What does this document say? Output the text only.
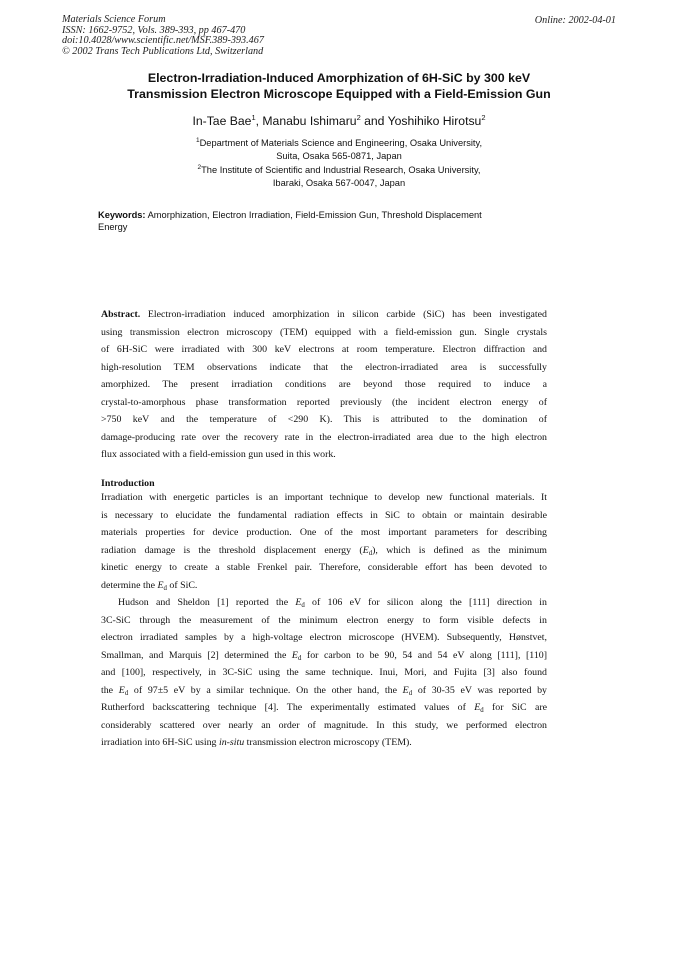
Materials Science Forum
ISSN: 1662-9752, Vols. 389-393, pp 467-470
doi:10.4028/www.scientific.net/MSF.389-393.467
© 2002 Trans Tech Publications Ltd, Switzerland
Online: 2002-04-01
Electron-Irradiation-Induced Amorphization of 6H-SiC by 300 keV
Transmission Electron Microscope Equipped with a Field-Emission Gun
In-Tae Bae$^1$, Manabu Ishimaru$^2$ and Yoshihiko Hirotsu$^2$
$^1$Department of Materials Science and Engineering, Osaka University,
Suita, Osaka 565-0871, Japan
$^2$The Institute of Scientific and Industrial Research, Osaka University,
Ibaraki, Osaka 567-0047, Japan
Keywords: Amorphization, Electron Irradiation, Field-Emission Gun, Threshold Displacement
Energy
Abstract. Electron-irradiation induced amorphization in silicon carbide (SiC) has been investigated
using transmission electron microscopy (TEM) equipped with a field-emission gun. Single crystals
of 6H-SiC were irradiated with 300 keV electrons at room temperature. Electron diffraction and
high-resolution TEM observations indicate that the electron-irradiated area is successfully
amorphized. The present irradiation conditions are beyond those required to induce a
crystal-to-amorphous phase transformation reported previously (the incident electron energy of
>750 keV and the temperature of <290 K). This is attributed to the domination of
damage-producing rate over the recovery rate in the electron-irradiated area due to the high electron
flux associated with a field-emission gun used in this work.
Introduction
Irradiation with energetic particles is an important technique to develop new functional materials. It
is necessary to elucidate the fundamental radiation effects in SiC to obtain or maintain desirable
materials properties for device production. One of the most important parameters for describing
radiation damage is the threshold displacement energy $(E_d)$, which is defined as the minimum
kinetic energy to create a stable Frenkel pair. Therefore, considerable effort has been devoted to
determine the $E_d$ of SiC.
Hudson and Sheldon [1] reported the $E_d$ of 106 eV for silicon along the [111] direction in
3C-SiC through the measurement of the minimum electron energy to form visible defects in
electron irradiated samples by a high-voltage electron microscope (HVEM). Subsequently, Hønstvet,
Smallman, and Marquis [2] determined the $E_d$ for carbon to be 90, 54 and 54 eV along [111], [110]
and [100], respectively, in 3C-SiC using the same technique. Inui, Mori, and Fujita [3] also found
the $E_d$ of 97±5 eV by a similar technique. On the other hand, the $E_d$ of 30-35 eV was reported by
Rutherford backscattering technique [4]. The experimentally estimated values of $E_d$ for SiC are
considerably scattered over nearly an order of magnitude. In this study, we performed electron
irradiation into 6H-SiC using in-situ transmission electron microscopy (TEM).
